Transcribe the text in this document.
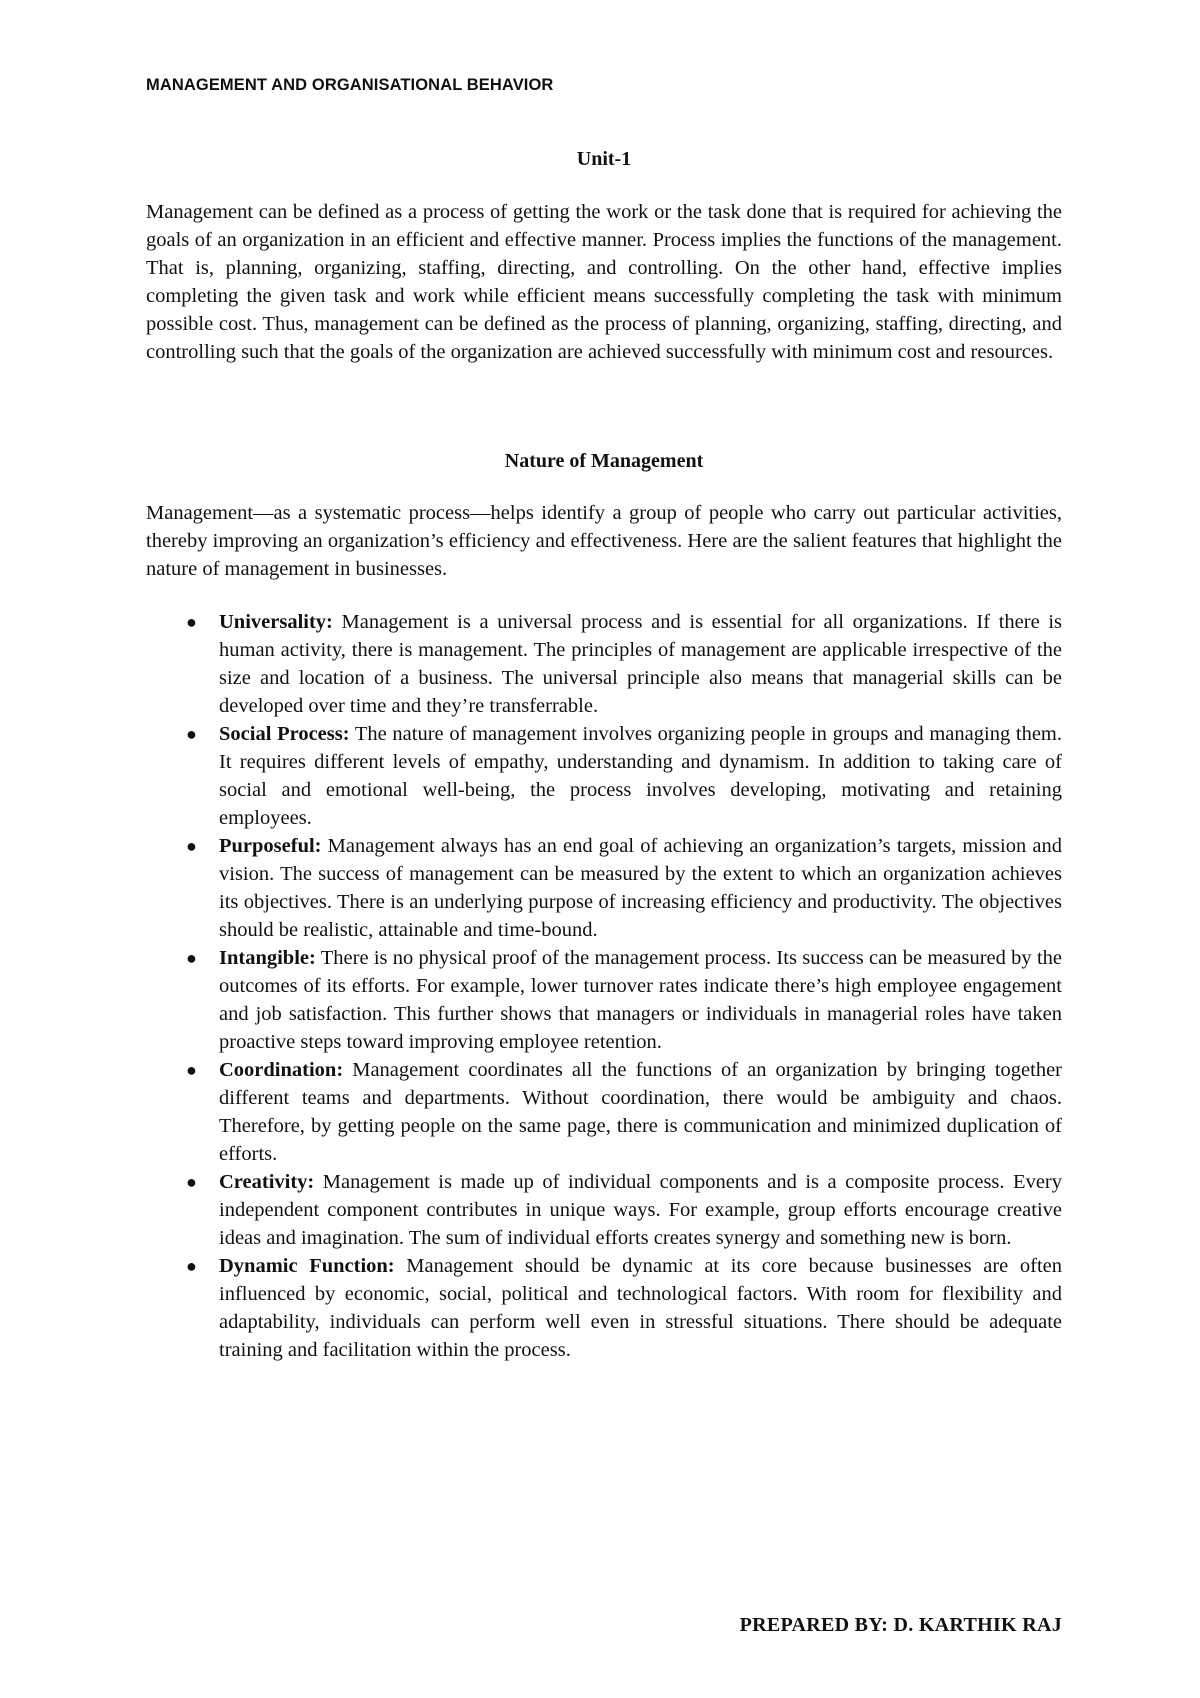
MANAGEMENT AND ORGANISATIONAL BEHAVIOR
Unit-1

Management can be defined as a process of getting the work or the task done that is required for achieving the goals of an organization in an efficient and effective manner. Process implies the functions of the management. That is, planning, organizing, staffing, directing, and controlling. On the other hand, effective implies completing the given task and work while efficient means successfully completing the task with minimum possible cost. Thus, management can be defined as the process of planning, organizing, staffing, directing, and controlling such that the goals of the organization are achieved successfully with minimum cost and resources.

Nature of Management

Management—as a systematic process—helps identify a group of people who carry out particular activities, thereby improving an organization’s efficiency and effectiveness. Here are the salient features that highlight the nature of management in businesses.

● Universality: Management is a universal process and is essential for all organizations. If there is human activity, there is management. The principles of management are applicable irrespective of the size and location of a business. The universal principle also means that managerial skills can be developed over time and they’re transferrable.
● Social Process: The nature of management involves organizing people in groups and managing them. It requires different levels of empathy, understanding and dynamism. In addition to taking care of social and emotional well-being, the process involves developing, motivating and retaining employees.
● Purposeful: Management always has an end goal of achieving an organization’s targets, mission and vision. The success of management can be measured by the extent to which an organization achieves its objectives. There is an underlying purpose of increasing efficiency and productivity. The objectives should be realistic, attainable and time-bound.
● Intangible: There is no physical proof of the management process. Its success can be measured by the outcomes of its efforts. For example, lower turnover rates indicate there’s high employee engagement and job satisfaction. This further shows that managers or individuals in managerial roles have taken proactive steps toward improving employee retention.
● Coordination: Management coordinates all the functions of an organization by bringing together different teams and departments. Without coordination, there would be ambiguity and chaos. Therefore, by getting people on the same page, there is communication and minimized duplication of efforts.
● Creativity: Management is made up of individual components and is a composite process. Every independent component contributes in unique ways. For example, group efforts encourage creative ideas and imagination. The sum of individual efforts creates synergy and something new is born.
● Dynamic Function: Management should be dynamic at its core because businesses are often influenced by economic, social, political and technological factors. With room for flexibility and adaptability, individuals can perform well even in stressful situations. There should be adequate training and facilitation within the process.
PREPARED BY: D. KARTHIK RAJ
